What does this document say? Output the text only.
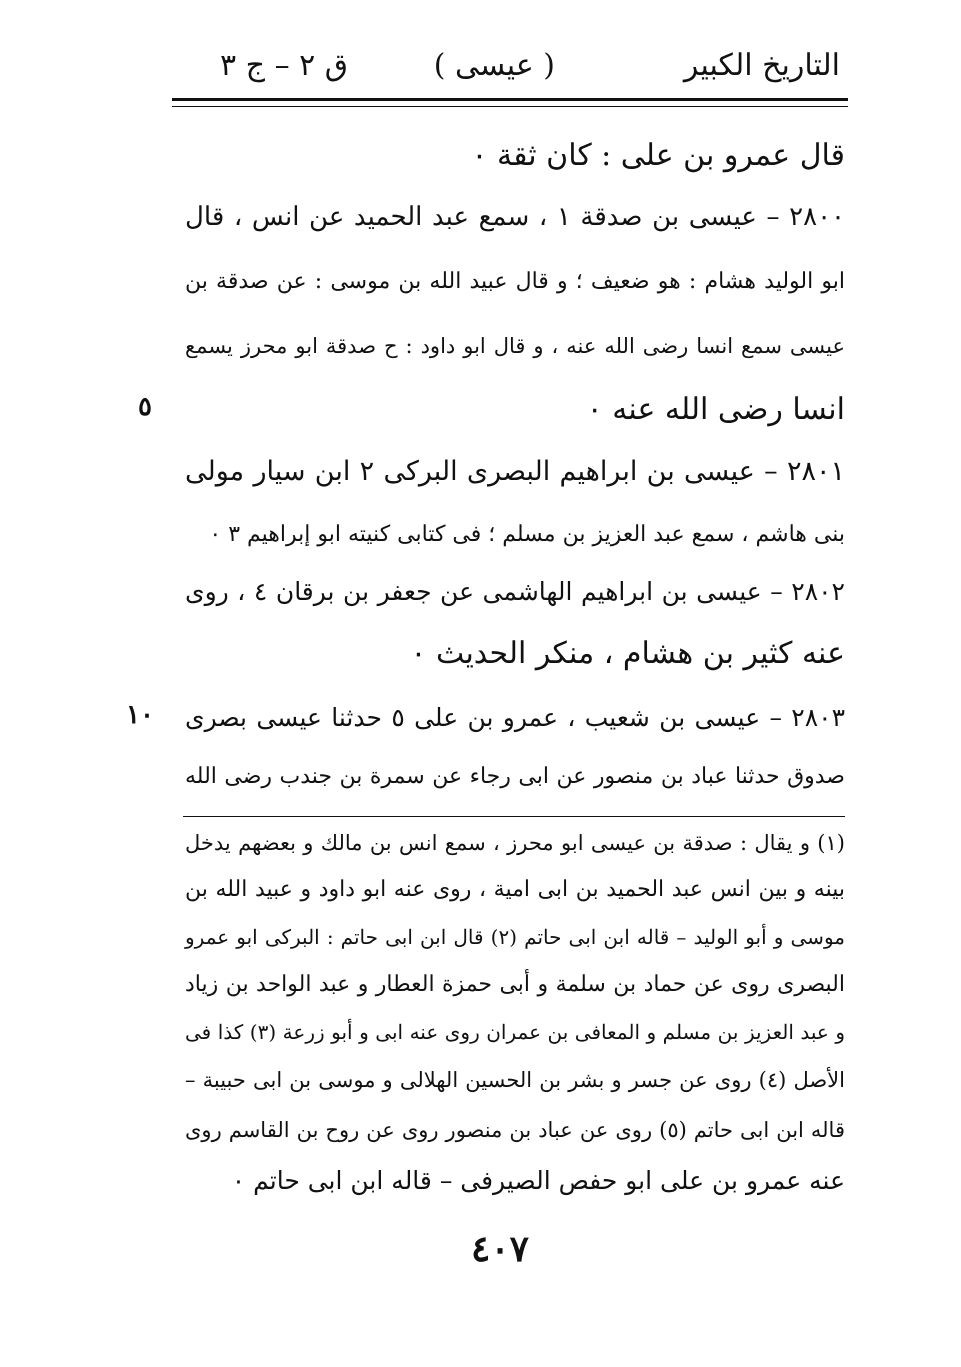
التاريخ الكبير
( عيسى )
ق ٢ – ج ٣
قال عمرو بن على : كان ثقة ٠
٢٨٠٠ – عيسى بن صدقة ١ ، سمع عبد الحميد عن انس ، قال
ابو الوليد هشام : هو ضعيف ؛ و قال عبيد الله بن موسى : عن صدقة بن
عيسى سمع انسا رضى الله عنه ، و قال ابو داود : ح صدقة ابو محرز يسمع
انسا رضى الله عنه ٠
٢٨٠١ – عيسى بن ابراهيم البصرى البركى ٢ ابن سيار مولى
بنى هاشم ، سمع عبد العزيز بن مسلم ؛ فى كتابى كنيته ابو إبراهيم ٣ ٠
٢٨٠٢ – عيسى بن ابراهيم الهاشمى عن جعفر بن برقان ٤ ، روى
عنه كثير بن هشام ، منكر الحديث ٠
٢٨٠٣ – عيسى بن شعيب ، عمرو بن على ٥ حدثنا عيسى بصرى
صدوق حدثنا عباد بن منصور عن ابى رجاء عن سمرة بن جندب رضى الله
٥
١٠
(١) و يقال : صدقة بن عيسى ابو محرز ، سمع انس بن مالك و بعضهم يدخل
بينه و بين انس عبد الحميد بن ابى امية ، روى عنه ابو داود و عبيد الله بن
موسى و أبو الوليد – قاله ابن ابى حاتم (٢) قال ابن ابى حاتم : البركى ابو عمرو
البصرى روى عن حماد بن سلمة و أبى حمزة العطار و عبد الواحد بن زياد
و عبد العزيز بن مسلم و المعافى بن عمران روى عنه ابى و أبو زرعة (٣) كذا فى
الأصل (٤) روى عن جسر و بشر بن الحسين الهلالى و موسى بن ابى حبيبة –
قاله ابن ابى حاتم (٥) روى عن عباد بن منصور روى عن روح بن القاسم روى
عنه عمرو بن على ابو حفص الصيرفى – قاله ابن ابى حاتم ٠
٤٠٧
